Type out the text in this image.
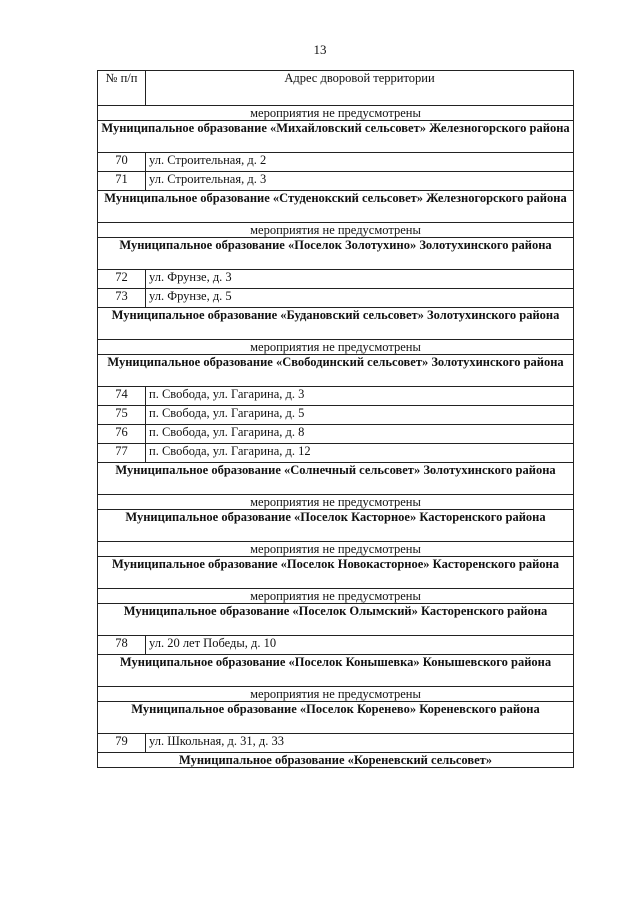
13
№ п/п	Адрес дворовой территории
мероприятия не предусмотрены	
Муниципальное образование «Михайловский сельсовет» Железногорского района	
70	ул. Строительная, д. 2
71	ул. Строительная, д. 3
Муниципальное образование «Студенокский сельсовет» Железногорского района	
мероприятия не предусмотрены	
Муниципальное образование «Поселок Золотухино» Золотухинского района	
72	ул. Фрунзе, д. 3
73	ул. Фрунзе, д. 5
Муниципальное образование «Будановский сельсовет» Золотухинского района	
мероприятия не предусмотрены	
Муниципальное образование «Свободинский сельсовет» Золотухинского района	
74	п. Свобода, ул. Гагарина, д. 3
75	п. Свобода, ул. Гагарина, д. 5
76	п. Свобода, ул. Гагарина, д. 8
77	п. Свобода, ул. Гагарина, д. 12
Муниципальное образование «Солнечный сельсовет» Золотухинского района	
мероприятия не предусмотрены	
Муниципальное образование «Поселок Касторное» Касторенского района	
мероприятия не предусмотрены	
Муниципальное образование «Поселок Новокасторное» Касторенского района	
мероприятия не предусмотрены	
Муниципальное образование «Поселок Олымский» Касторенского района	
78	ул. 20 лет Победы, д. 10
Муниципальное образование «Поселок Конышевка» Конышевского района	
мероприятия не предусмотрены	
Муниципальное образование «Поселок Коренево» Кореневского района	
79	ул. Школьная, д. 31, д. 33
Муниципальное образование «Кореневский сельсовет»	
